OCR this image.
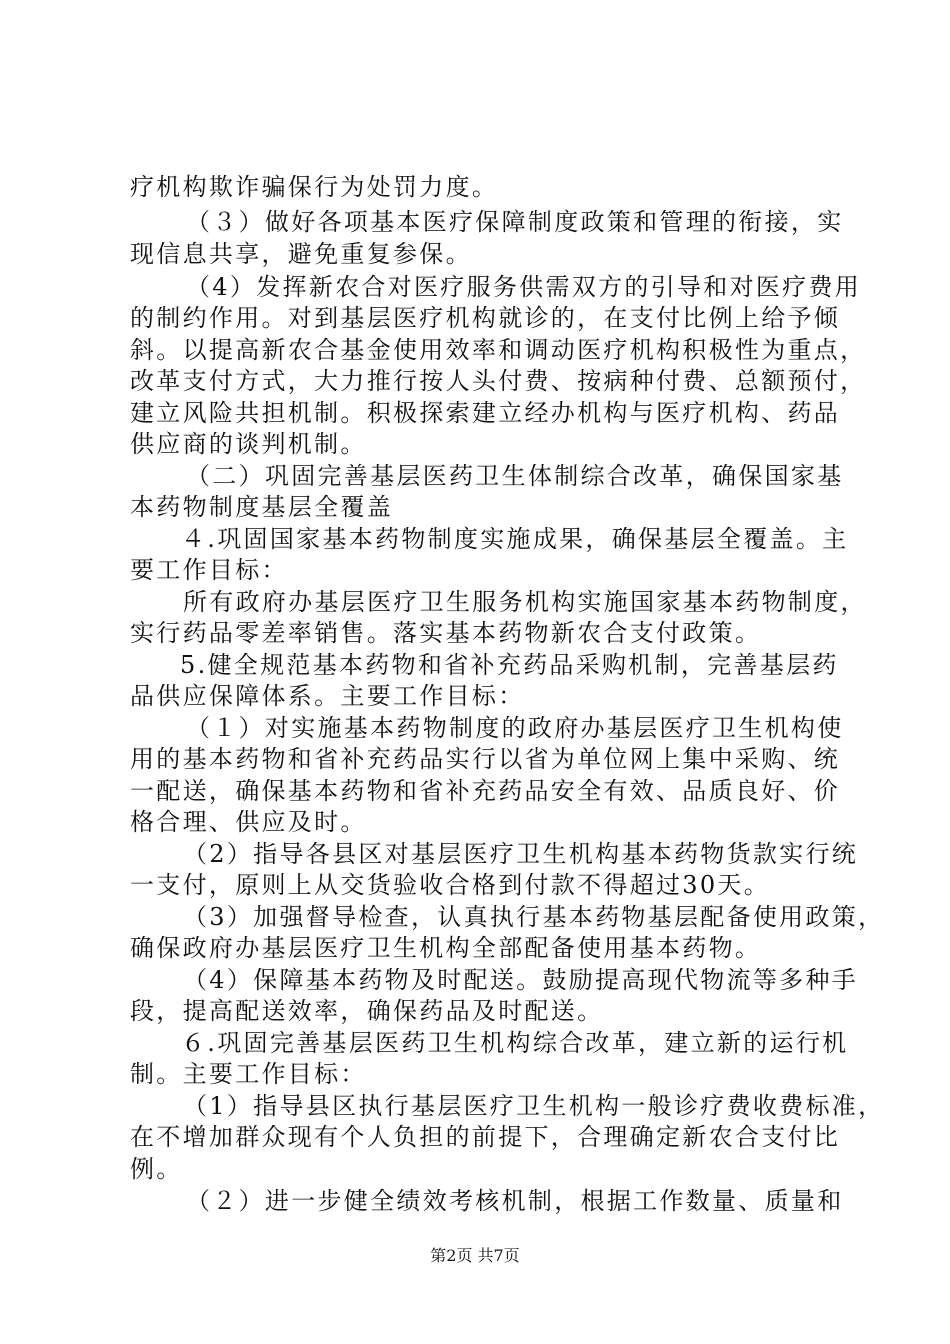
疗机构欺诈骗保行为处罚力度。

（３）做好各项基本医疗保障制度政策和管理的衔接，实

现信息共享，避免重复参保。

（4）发挥新农合对医疗服务供需双方的引导和对医疗费用

的制约作用。对到基层医疗机构就诊的，在支付比例上给予倾

斜。以提高新农合基金使用效率和调动医疗机构积极性为重点，

改革支付方式，大力推行按人头付费、按病种付费、总额预付，

建立风险共担机制。积极探索建立经办机构与医疗机构、药品

供应商的谈判机制。

（二）巩固完善基层医药卫生体制综合改革，确保国家基

本药物制度基层全覆盖

４.巩固国家基本药物制度实施成果，确保基层全覆盖。主

要工作目标：

所有政府办基层医疗卫生服务机构实施国家基本药物制度，

实行药品零差率销售。落实基本药物新农合支付政策。

5.健全规范基本药物和省补充药品采购机制，完善基层药

品供应保障体系。主要工作目标：

（１）对实施基本药物制度的政府办基层医疗卫生机构使

用的基本药物和省补充药品实行以省为单位网上集中采购、统

一配送，确保基本药物和省补充药品安全有效、品质良好、价

格合理、供应及时。

（2）指导各县区对基层医疗卫生机构基本药物货款实行统

一支付，原则上从交货验收合格到付款不得超过30天。

（3）加强督导检查，认真执行基本药物基层配备使用政策，

确保政府办基层医疗卫生机构全部配备使用基本药物。

（4）保障基本药物及时配送。鼓励提高现代物流等多种手

段，提高配送效率，确保药品及时配送。

６.巩固完善基层医药卫生机构综合改革，建立新的运行机

制。主要工作目标：

（1）指导县区执行基层医疗卫生机构一般诊疗费收费标准，

在不增加群众现有个人负担的前提下，合理确定新农合支付比

例。

（２）进一步健全绩效考核机制，根据工作数量、质量和

第2页 共7页
